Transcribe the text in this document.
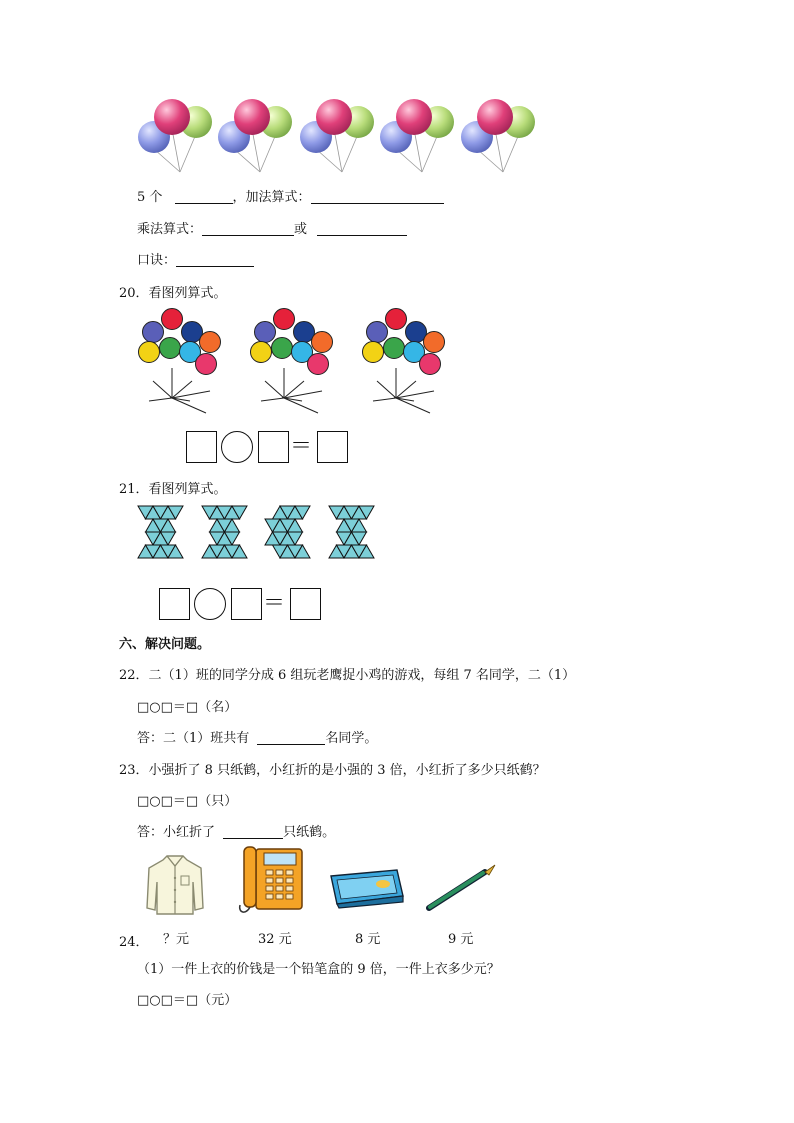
5 个	，加法算式：
乘法算式：	或
口诀：
20．看图列算式。
＝
21．看图列算式。
＝
六、解决问题。
22．二（1）班的同学分成 6 组玩老鹰捉小鸡的游戏，每组 7 名同学，二（1）
□○□＝□（名）
答：二（1）班共有	名同学。
23．小强折了 8 只纸鹤，小红折的是小强的 3 倍，小红折了多少只纸鹤？
□○□＝□（只）
答：小红折了	只纸鹤。
24． ？元	32 元	8 元	9 元
（1）一件上衣的价钱是一个铅笔盒的 9 倍，一件上衣多少元？
□○□＝□（元）
